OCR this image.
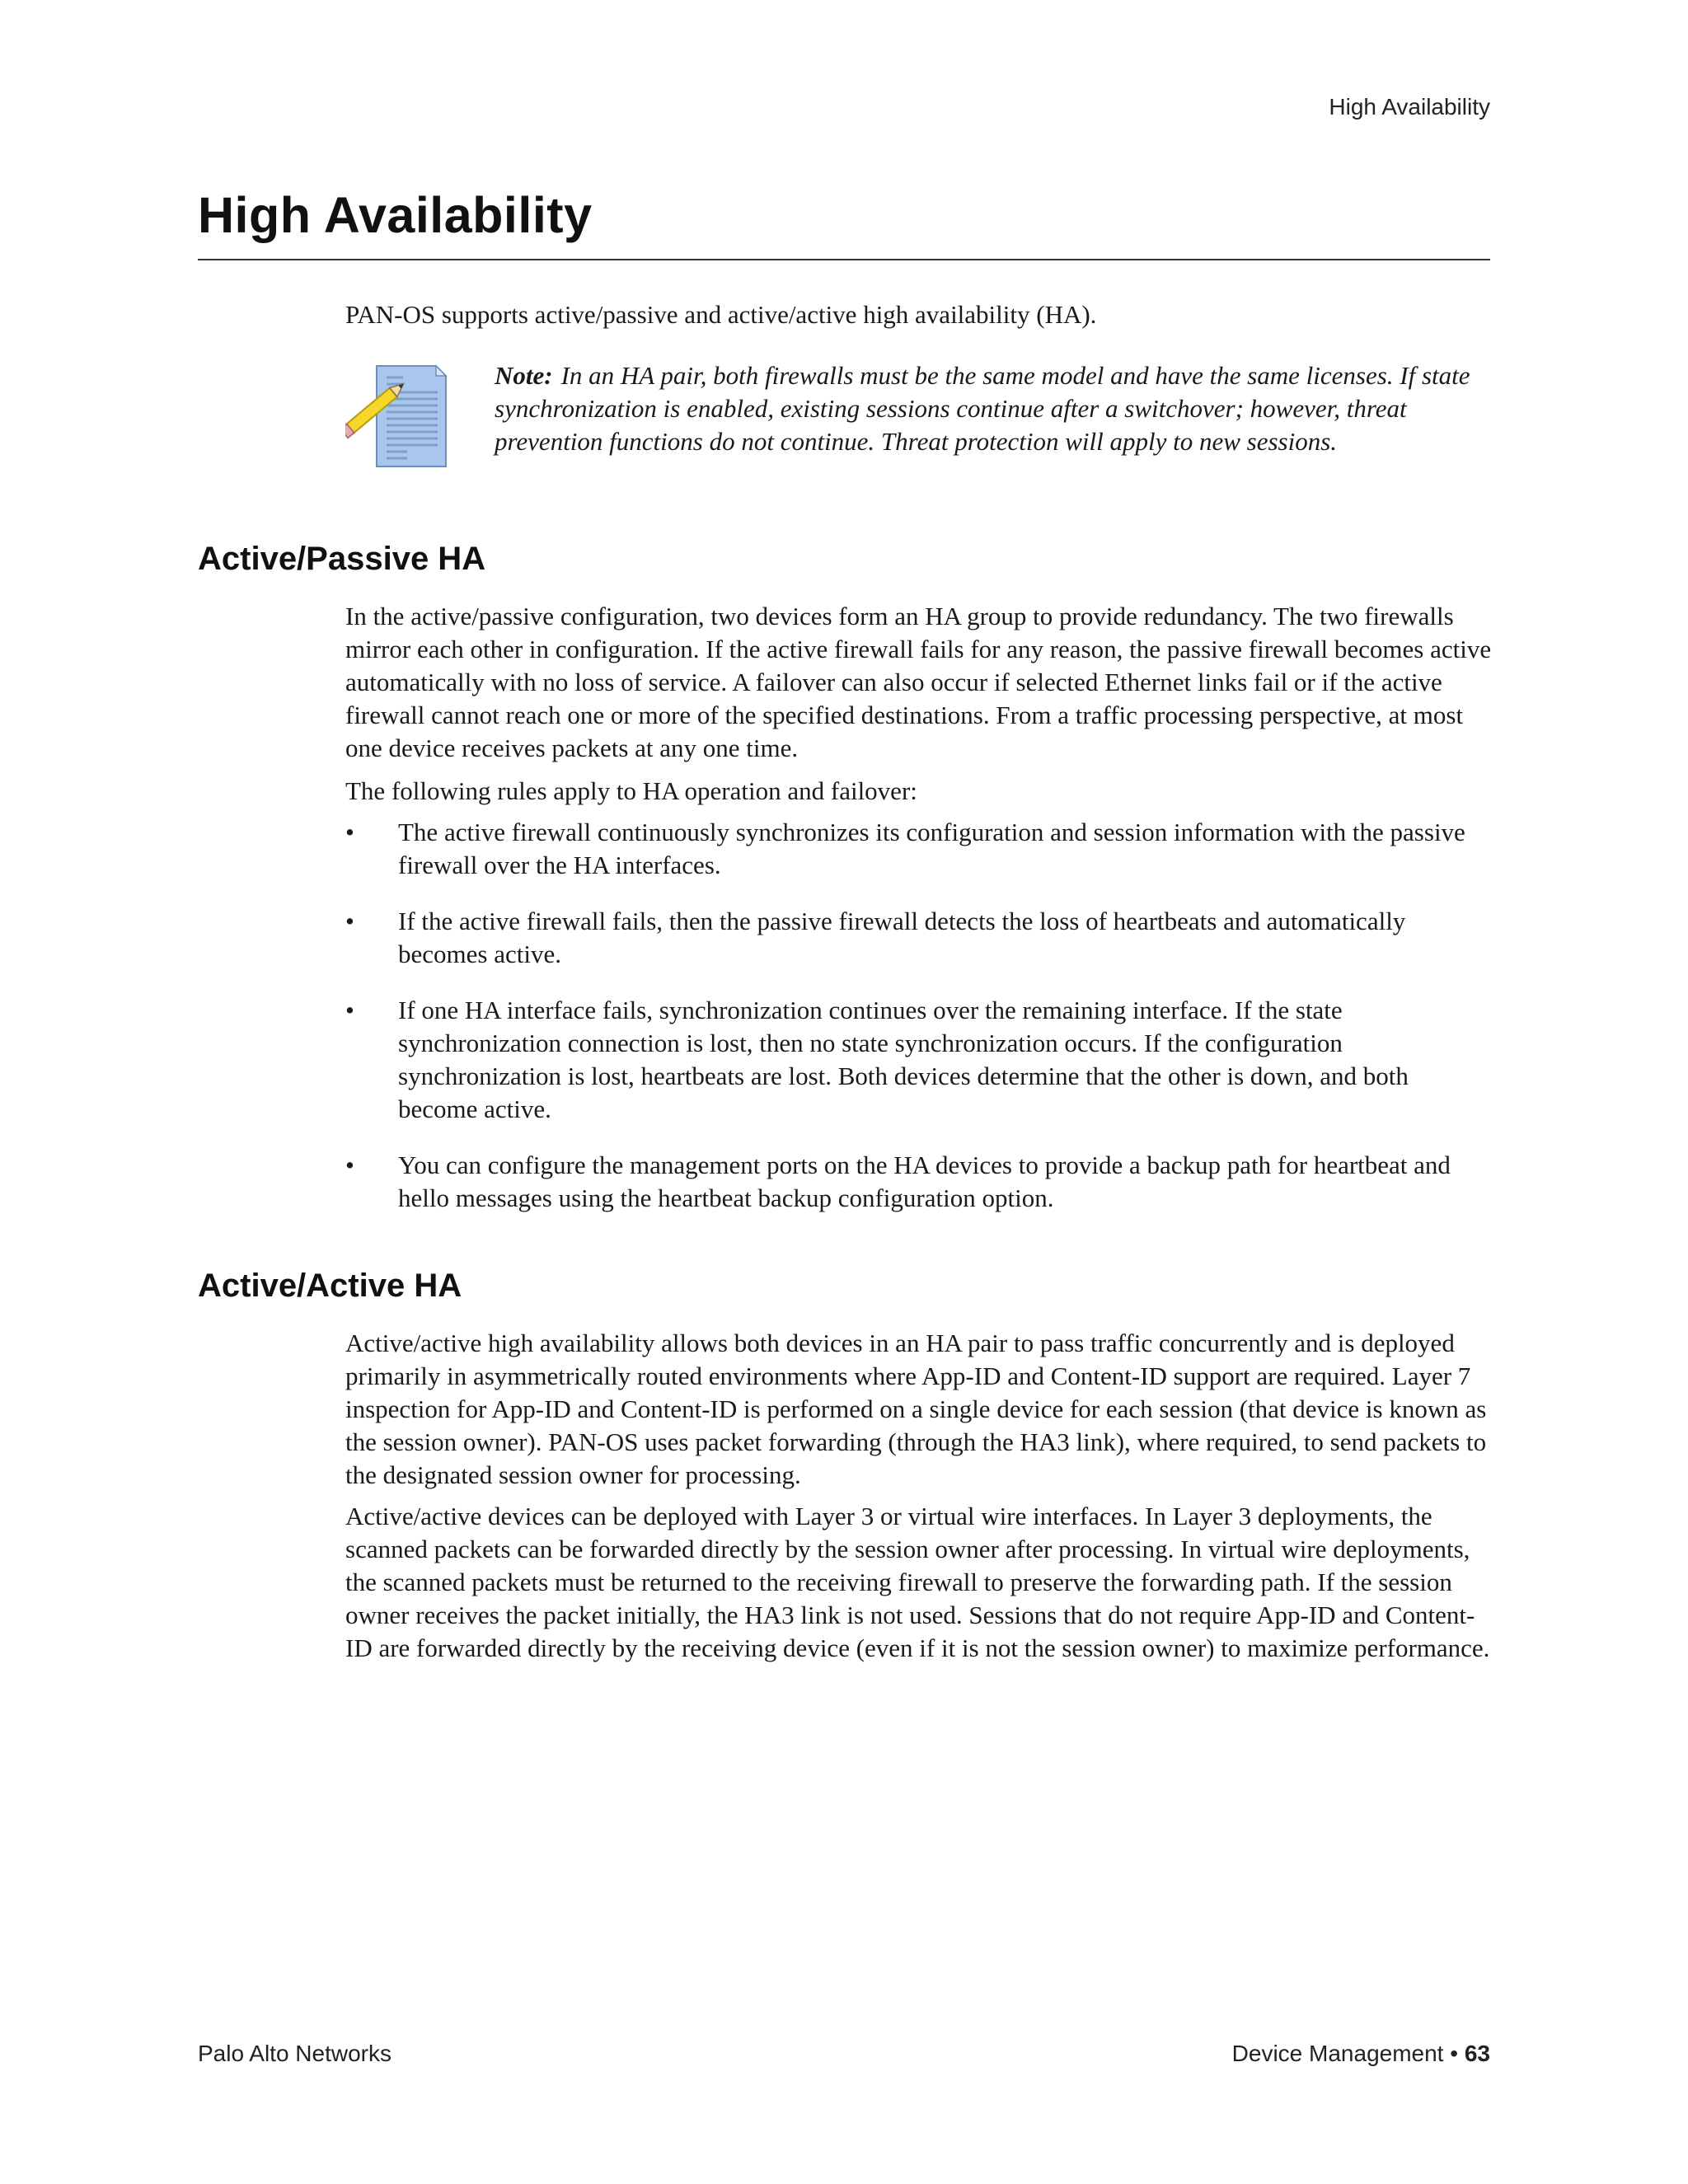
High Availability
High Availability

PAN-OS supports active/passive and active/active high availability (HA).

Note: In an HA pair, both firewalls must be the same model and have the same licenses. If state synchronization is enabled, existing sessions continue after a switchover; however, threat prevention functions do not continue. Threat protection will apply to new sessions.

Active/Passive HA

In the active/passive configuration, two devices form an HA group to provide redundancy. The two firewalls mirror each other in configuration. If the active firewall fails for any reason, the passive firewall becomes active automatically with no loss of service. A failover can also occur if selected Ethernet links fail or if the active firewall cannot reach one or more of the specified destinations. From a traffic processing perspective, at most one device receives packets at any one time.

The following rules apply to HA operation and failover:

• The active firewall continuously synchronizes its configuration and session information with the passive firewall over the HA interfaces.
• If the active firewall fails, then the passive firewall detects the loss of heartbeats and automatically becomes active.
• If one HA interface fails, synchronization continues over the remaining interface. If the state synchronization connection is lost, then no state synchronization occurs. If the configuration synchronization is lost, heartbeats are lost. Both devices determine that the other is down, and both become active.
• You can configure the management ports on the HA devices to provide a backup path for heartbeat and hello messages using the heartbeat backup configuration option.
Active/Active HA

Active/active high availability allows both devices in an HA pair to pass traffic concurrently and is deployed primarily in asymmetrically routed environments where App-ID and Content-ID support are required. Layer 7 inspection for App-ID and Content-ID is performed on a single device for each session (that device is known as the session owner). PAN-OS uses packet forwarding (through the HA3 link), where required, to send packets to the designated session owner for processing.

Active/active devices can be deployed with Layer 3 or virtual wire interfaces. In Layer 3 deployments, the scanned packets can be forwarded directly by the session owner after processing. In virtual wire deployments, the scanned packets must be returned to the receiving firewall to preserve the forwarding path. If the session owner receives the packet initially, the HA3 link is not used. Sessions that do not require App-ID and Content-ID are forwarded directly by the receiving device (even if it is not the session owner) to maximize performance.

Palo Alto Networks	Device Management • 63
